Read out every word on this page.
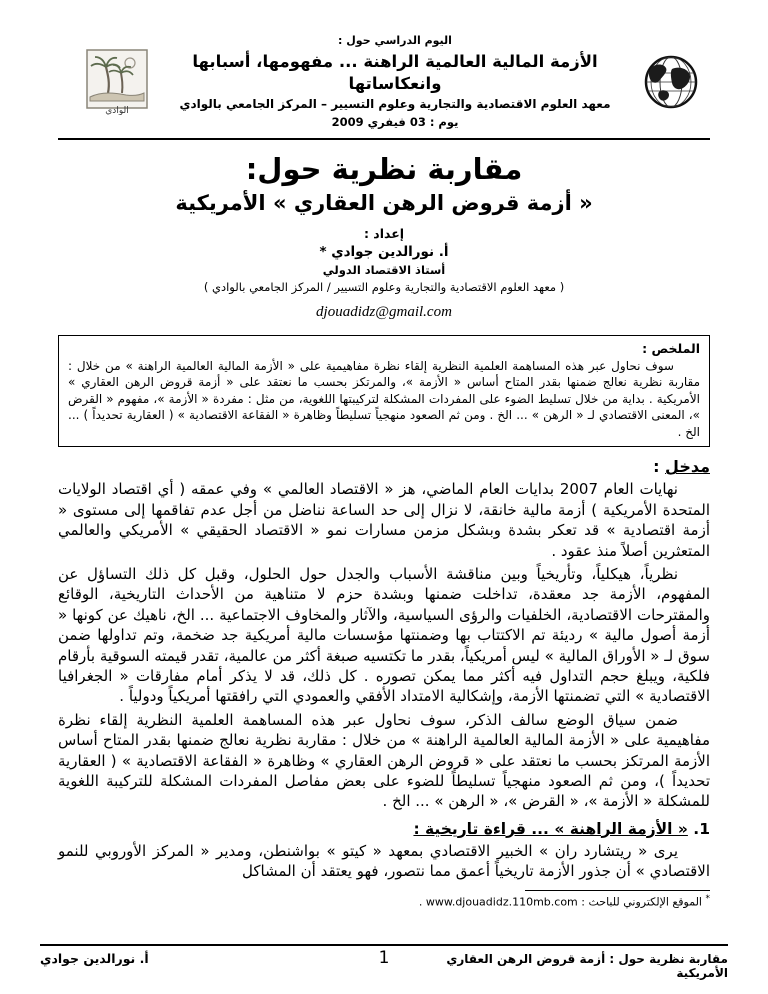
الوادي
اليوم الدراسي حول :
الأزمة المالية العالمية الراهنة ... مفهومها، أسبابها وانعكاساتها
معهد العلوم الاقتصادية والتجارية وعلوم التسيير – المركز الجامعي بالوادي
يوم : 03 فيفري 2009
مقاربة نظرية حول:
« أزمة قروض الرهن العقاري » الأمريكية
إعداد :
أ. نورالدين جوادي *
أستاذ الاقتصاد الدولي
( معهد العلوم الاقتصادية والتجارية وعلوم التسيير / المركز الجامعي بالوادي )
djouadidz@gmail.com
الملخص :
سوف نحاول عبر هذه المساهمة العلمية النظرية إلقاء نظرة مفاهيمية على « الأزمة المالية العالمية الراهنة » من خلال : مقاربة نظرية نعالج ضمنها بقدر المتاح أساس « الأزمة »، والمرتكز بحسب ما نعتقد على « أزمة قروض الرهن العقاري » الأمريكية . بداية من خلال تسليط الضوء على المفردات المشكلة لتركيبتها اللغوية، من مثل : مفردة « الأزمة »، مفهوم « القرض »، المعنى الاقتصادي لـ « الرهن » ... الخ . ومن ثم الصعود منهجياً تسليطاً وظاهرة « الفقاعة الاقتصادية » ( العقارية تحديداً ) ... الخ .
مدخل :

نهايات العام 2007 بدايات العام الماضي، هز « الاقتصاد العالمي » وفي عمقه ( أي اقتصاد الولايات المتحدة الأمريكية ) أزمة مالية خانقة، لا نزال إلى حد الساعة نناضل من أجل عدم تفاقمها إلى مستوى « أزمة اقتصادية » قد تعكر بشدة وبشكل مزمن مسارات نمو « الاقتصاد الحقيقي » الأمريكي والعالمي المتعثرين أصلاً منذ عقود .

نظرياً، هيكلياً، وتأريخياً وبين مناقشة الأسباب والجدل حول الحلول، وقبل كل ذلك التساؤل عن المفهوم، الأزمة جد معقدة، تداخلت ضمنها وبشدة حزم لا متناهية من الأحداث التاريخية، الوقائع والمقترحات الاقتصادية، الخلفيات والرؤى السياسية، والآثار والمخاوف الاجتماعية ... الخ، ناهيك عن كونها « أزمة أصول مالية » رديئة تم الاكتتاب بها وضمنتها مؤسسات مالية أمريكية جد ضخمة، وتم تداولها ضمن سوق لـ « الأوراق المالية » ليس أمريكياً، بقدر ما تكتسيه صبغة أكثر من عالمية، تقدر قيمته السوقية بأرقام فلكية، ويبلغ حجم التداول فيه أكثر مما يمكن تصوره . كل ذلك، قد لا يذكر أمام مفارقات « الجغرافيا الاقتصادية » التي تضمنتها الأزمة، وإشكالية الامتداد الأفقي والعمودي التي رافقتها أمريكياً ودولياً .

ضمن سياق الوضع سالف الذكر، سوف نحاول عبر هذه المساهمة العلمية النظرية إلقاء نظرة مفاهيمية على « الأزمة المالية العالمية الراهنة » من خلال : مقاربة نظرية نعالج ضمنها بقدر المتاح أساس الأزمة المرتكز بحسب ما نعتقد على « قروض الرهن العقاري » وظاهرة « الفقاعة الاقتصادية » ( العقارية تحديداً )، ومن ثم الصعود منهجياً تسليطاً للضوء على بعض مفاصل المفردات المشكلة للتركيبة اللغوية للمشكلة « الأزمة »، « القرض »، « الرهن » ... الخ .

1. « الأزمة الراهنة » ... قراءة تاريخية :

يرى « ريتشارد ران » الخبير الاقتصادي بمعهد « كيتو » بواشنطن، ومدير « المركز الأوروبي للنمو الاقتصادي » أن جذور الأزمة تاريخياً أعمق مما نتصور، فهو يعتقد أن المشاكل

* الموقع الإلكتروني للباحث : www.djouadidz.110mb.com .
أ. نورالدين جوادي	1	مقاربة نظرية حول : أزمة قروض الرهن العقاري الأمريكية
